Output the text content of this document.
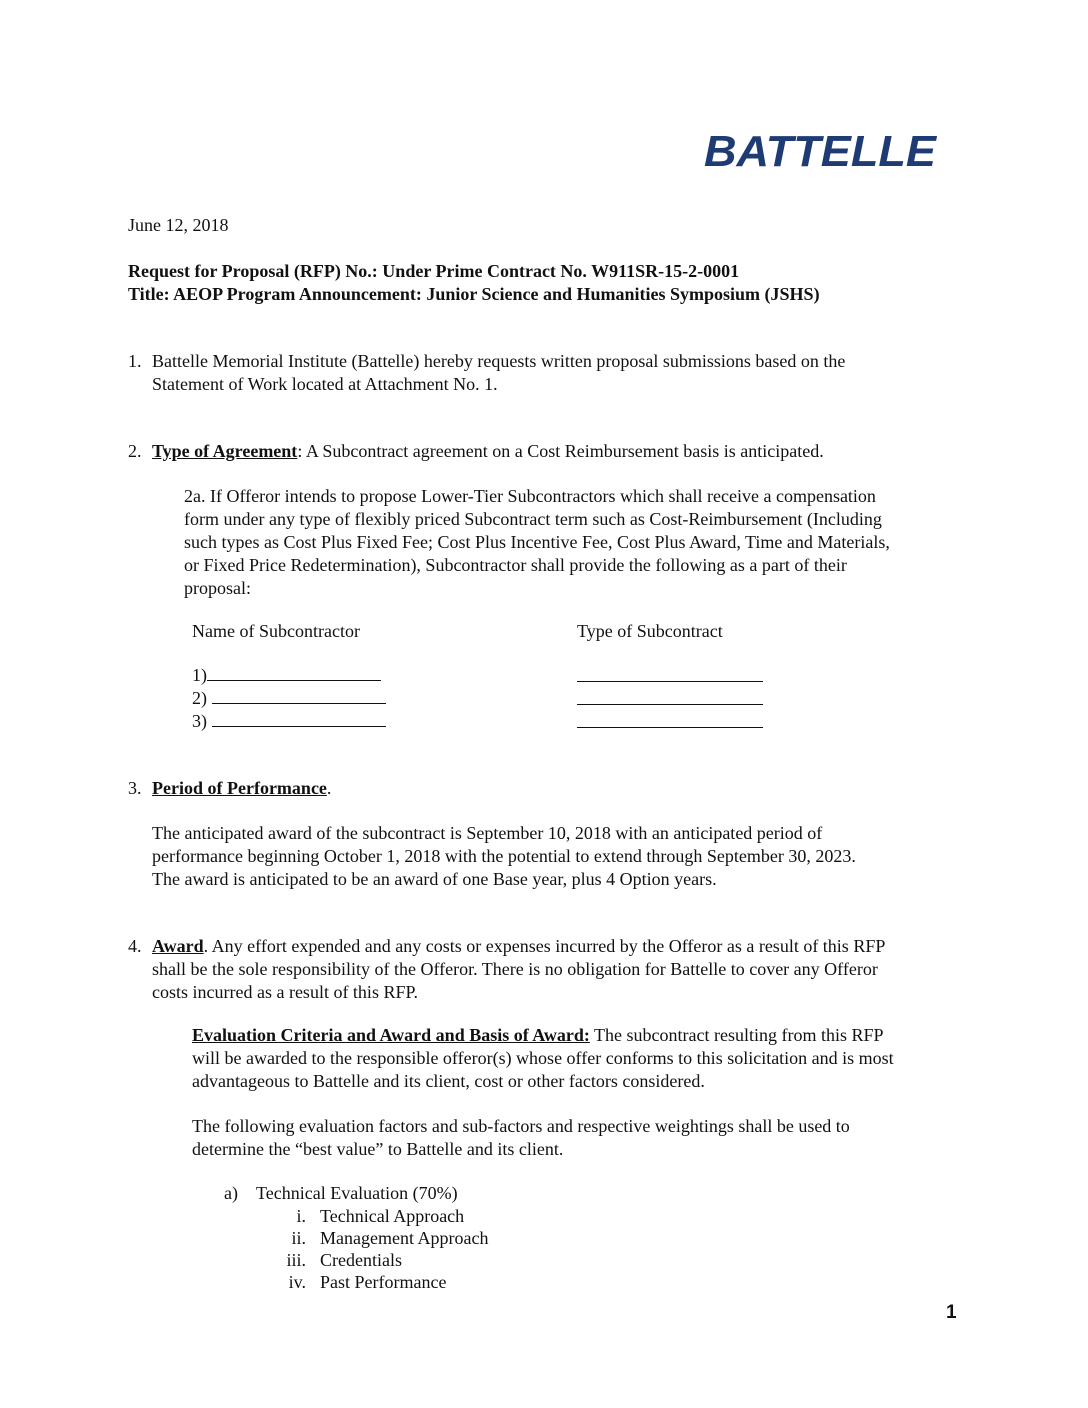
BATTELLE
June 12, 2018
Request for Proposal (RFP) No.: Under Prime Contract No. W911SR-15-2-0001
Title: AEOP Program Announcement: Junior Science and Humanities Symposium (JSHS)
1. Battelle Memorial Institute (Battelle) hereby requests written proposal submissions based on the
Statement of Work located at Attachment No. 1.
2. Type of Agreement: A Subcontract agreement on a Cost Reimbursement basis is anticipated.
2a. If Offeror intends to propose Lower-Tier Subcontractors which shall receive a compensation
form under any type of flexibly priced Subcontract term such as Cost-Reimbursement (Including
such types as Cost Plus Fixed Fee; Cost Plus Incentive Fee, Cost Plus Award, Time and Materials,
or Fixed Price Redetermination), Subcontractor shall provide the following as a part of their
proposal:
Name of Subcontractor	Type of Subcontract
1)
2)
3)
3. Period of Performance.
The anticipated award of the subcontract is September 10, 2018 with an anticipated period of
performance beginning October 1, 2018 with the potential to extend through September 30, 2023.
The award is anticipated to be an award of one Base year, plus 4 Option years.
4. Award. Any effort expended and any costs or expenses incurred by the Offeror as a result of this RFP
shall be the sole responsibility of the Offeror. There is no obligation for Battelle to cover any Offeror
costs incurred as a result of this RFP.
Evaluation Criteria and Award and Basis of Award: The subcontract resulting from this RFP
will be awarded to the responsible offeror(s) whose offer conforms to this solicitation and is most
advantageous to Battelle and its client, cost or other factors considered.
The following evaluation factors and sub-factors and respective weightings shall be used to
determine the “best value” to Battelle and its client.
a) Technical Evaluation (70%)
i. Technical Approach
ii. Management Approach
iii. Credentials
iv. Past Performance
1
